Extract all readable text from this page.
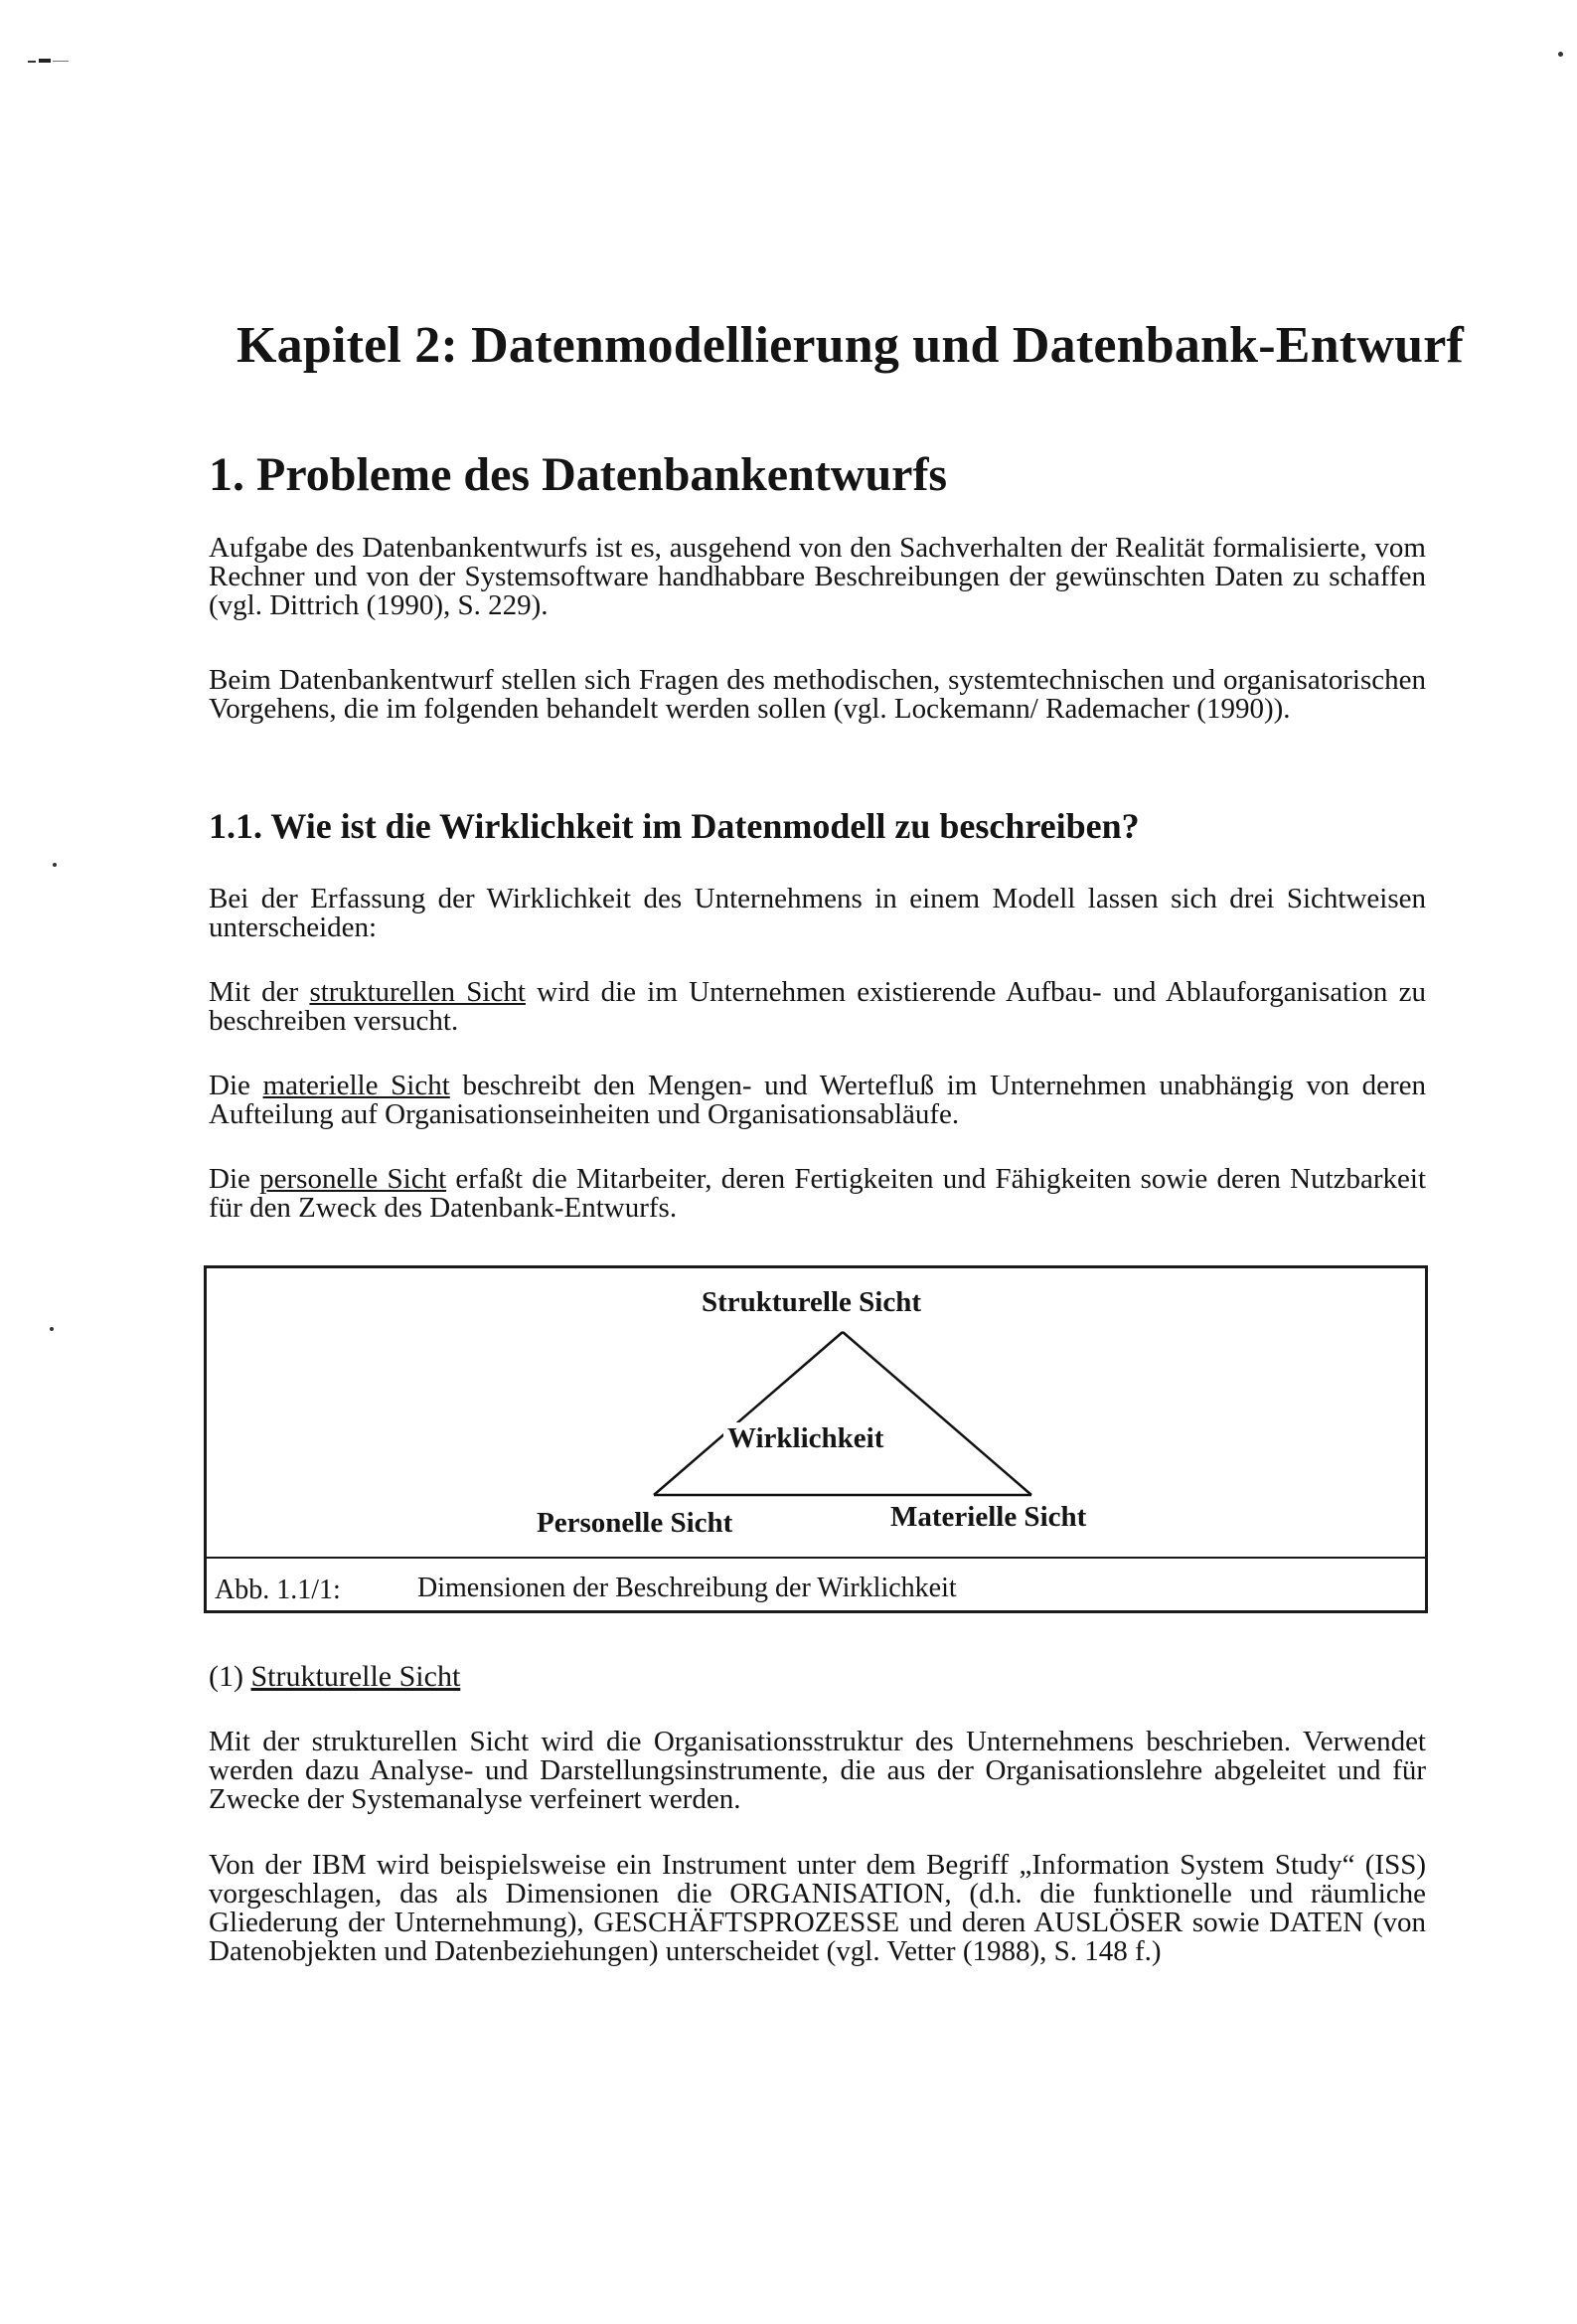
Kapitel 2: Datenmodellierung und Datenbank-Entwurf
1. Probleme des Datenbankentwurfs

Aufgabe des Datenbankentwurfs ist es, ausgehend von den Sachverhalten der Realität formalisierte, vom Rechner und von der Systemsoftware handhabbare Beschreibungen der gewünschten Daten zu schaffen (vgl. Dittrich (1990), S. 229).

Beim Datenbankentwurf stellen sich Fragen des methodischen, systemtechnischen und organisatorischen Vorgehens, die im folgenden behandelt werden sollen (vgl. Lockemann/ Rademacher (1990)).

1.1. Wie ist die Wirklichkeit im Datenmodell zu beschreiben?

Bei der Erfassung der Wirklichkeit des Unternehmens in einem Modell lassen sich drei Sichtweisen unterscheiden:

Mit der strukturellen Sicht wird die im Unternehmen existierende Aufbau- und Ablauforganisation zu beschreiben versucht.

Die materielle Sicht beschreibt den Mengen- und Wertefluß im Unternehmen unabhängig von deren Aufteilung auf Organisationseinheiten und Organisationsabläufe.

Die personelle Sicht erfaßt die Mitarbeiter, deren Fertigkeiten und Fähigkeiten sowie deren Nutzbarkeit für den Zweck des Datenbank-Entwurfs.

Strukturelle Sicht
Wirklichkeit
Personelle Sicht	Materielle Sicht
Abb. 1.1/1:	Dimensionen der Beschreibung der Wirklichkeit
(1) Strukturelle Sicht

Mit der strukturellen Sicht wird die Organisationsstruktur des Unternehmens beschrieben. Verwendet werden dazu Analyse- und Darstellungsinstrumente, die aus der Organisationslehre abgeleitet und für Zwecke der Systemanalyse verfeinert werden.

Von der IBM wird beispielsweise ein Instrument unter dem Begriff „Information System Study“ (ISS) vorgeschlagen, das als Dimensionen die ORGANISATION, (d.h. die funktionelle und räumliche Gliederung der Unternehmung), GESCHÄFTSPROZESSE und deren AUSLÖSER sowie DATEN (von Datenobjekten und Datenbeziehungen) unterscheidet (vgl. Vetter (1988), S. 148 f.)
